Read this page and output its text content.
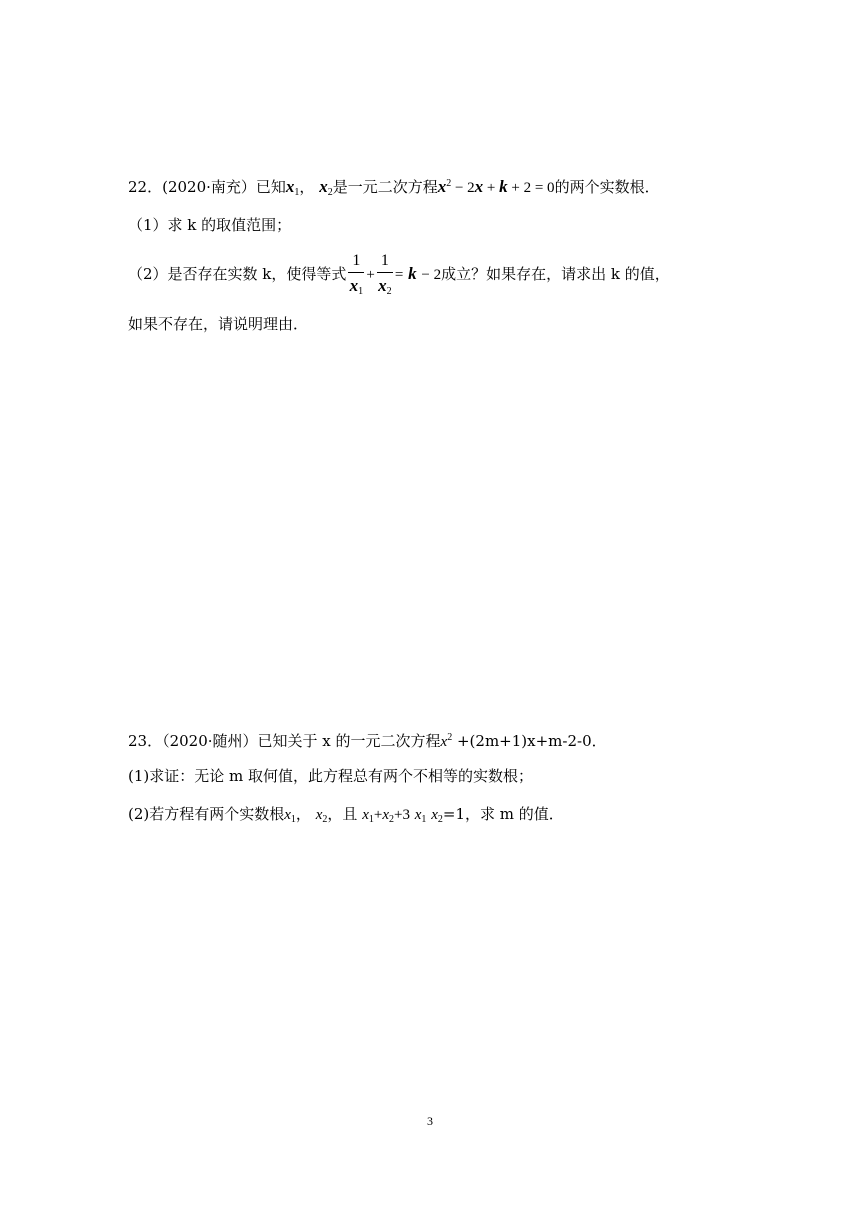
22．(2020·南充）已知$x_1$， $x_2$是一元二次方程$x^2 - 2x + k + 2 = 0$的两个实数根．
（1）求 k 的取值范围；
（2）是否存在实数 k，使得等式 $\frac{1}{x_1} + \frac{1}{x_2} = k - 2$成立？如果存在，请求出 k 的值，
如果不存在，请说明理由．
23．（2020·随州）已知关于 x 的一元二次方程$x^2 +(2m+1)x+m-2-0$．
(1)求证：无论 m 取何值，此方程总有两个不相等的实数根；
(2)若方程有两个实数根$x_1$， $x_2$，且 $x_1+x_2+3$ $x_1$ $x_2=1$，求 m 的值．
3
